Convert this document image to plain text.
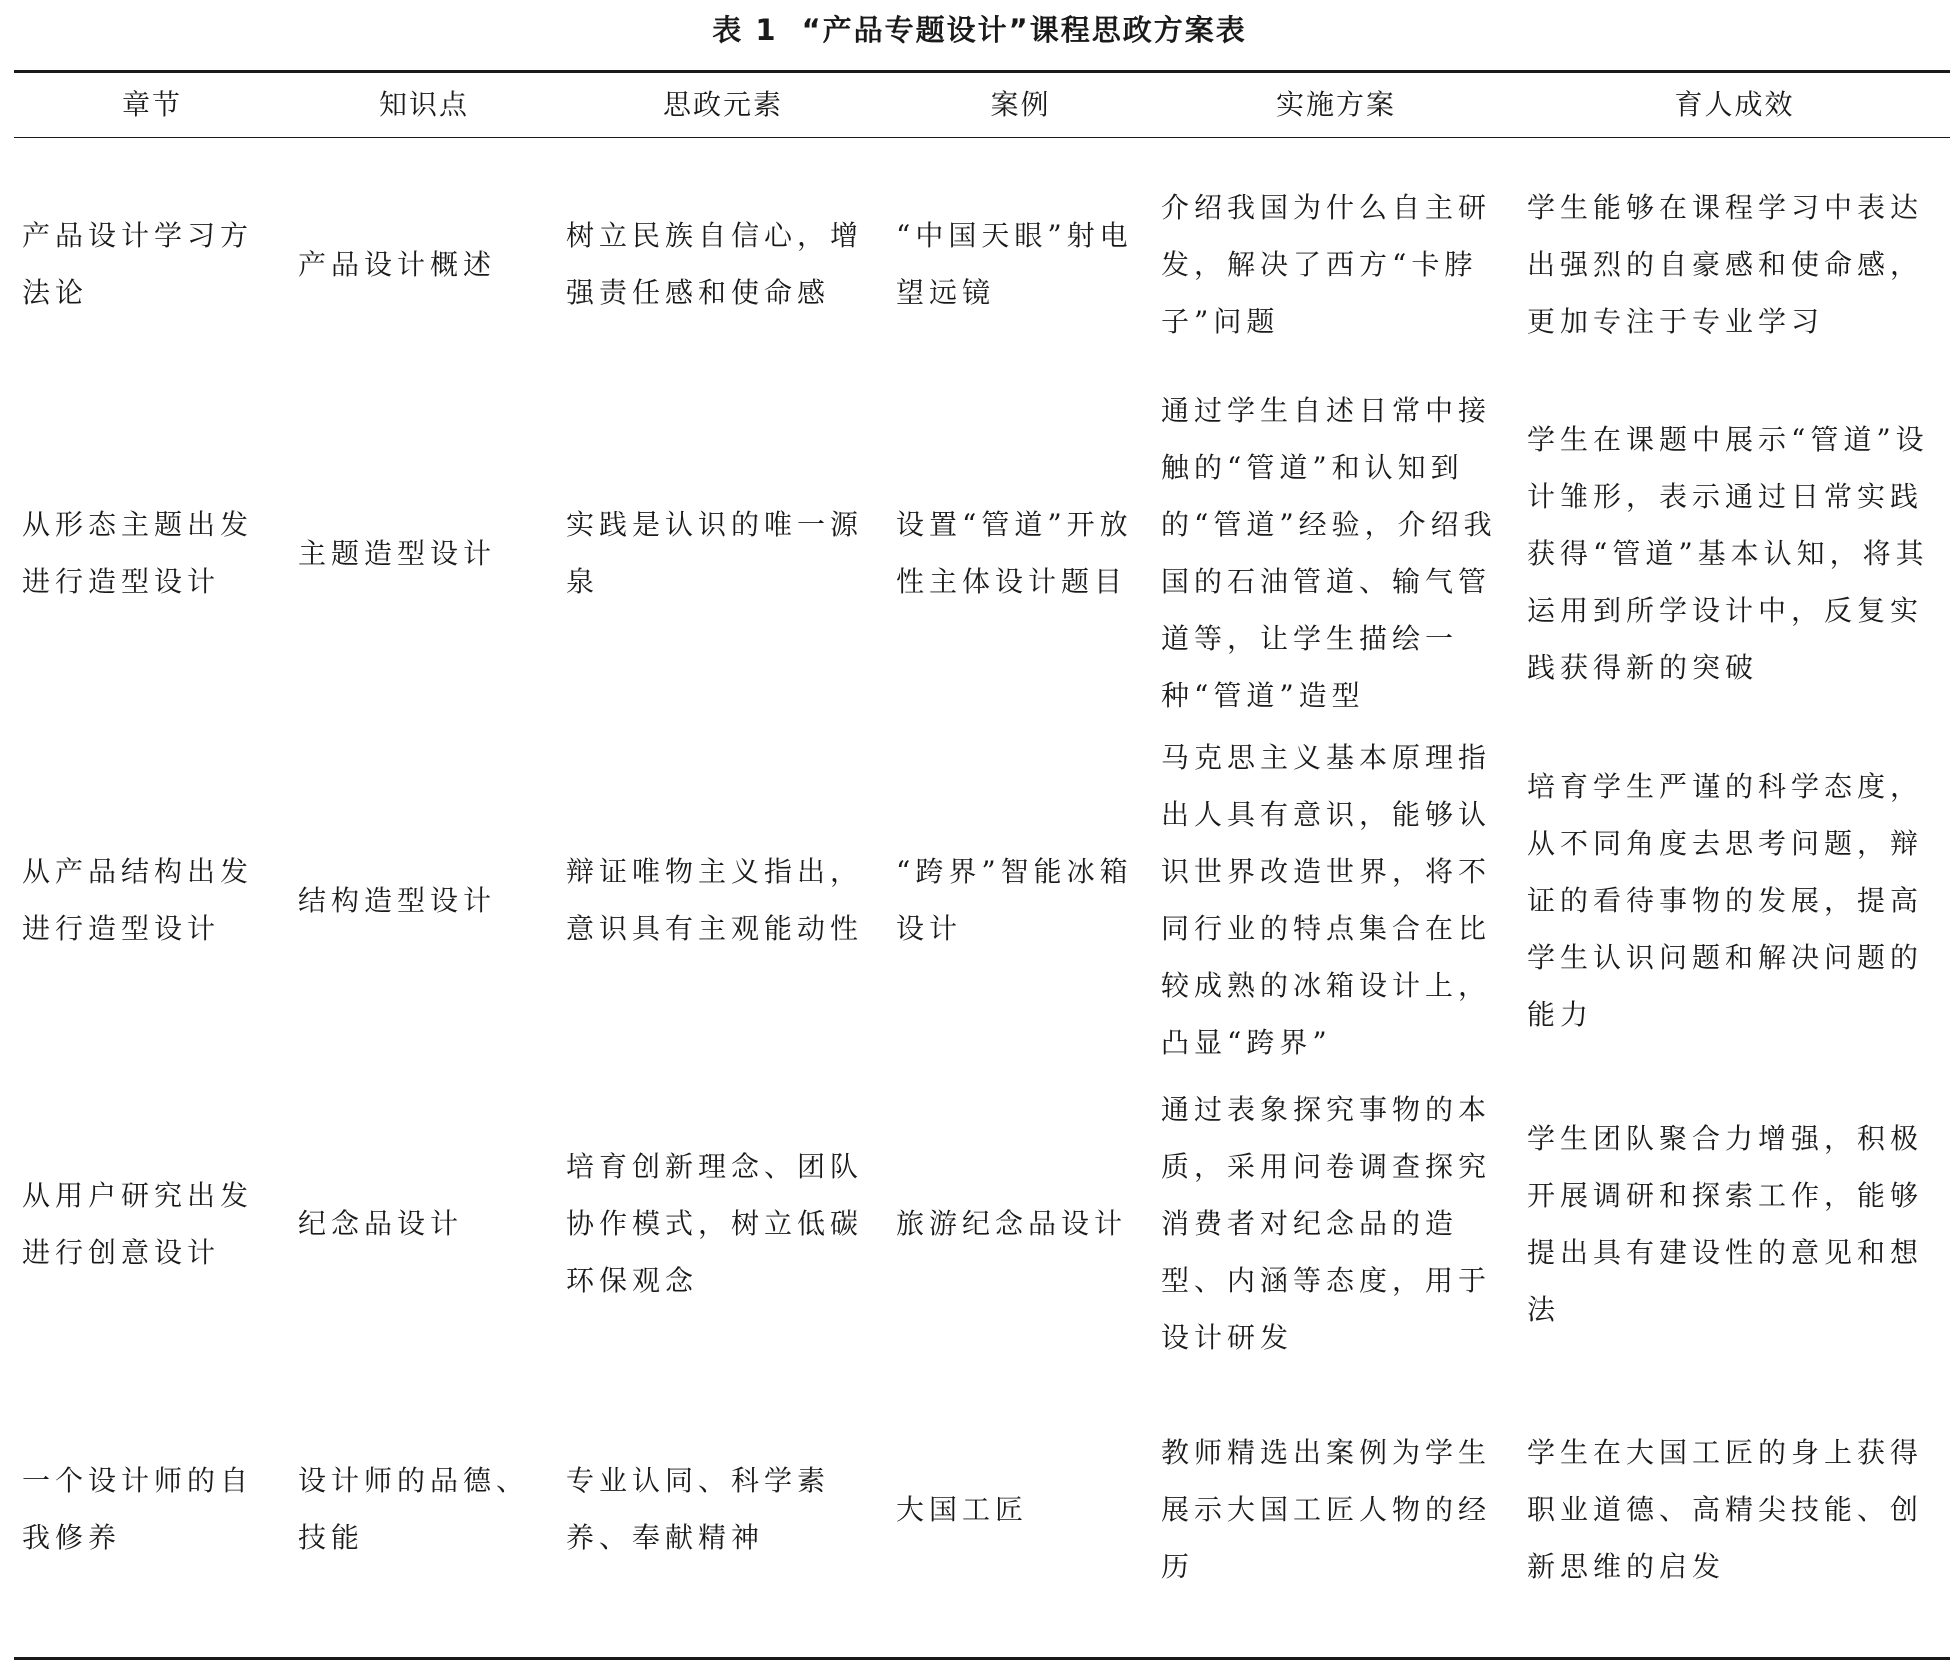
表 1 “产品专题设计”课程思政方案表
章节	知识点	思政元素	案例	实施方案	育人成效
产品设计学习方法论	产品设计概述	树立民族自信心，增强责任感和使命感	“中国天眼”射电望远镜	介绍我国为什么自主研发，解决了西方“卡脖子”问题	学生能够在课程学习中表达出强烈的自豪感和使命感，更加专注于专业学习
从形态主题出发进行造型设计	主题造型设计	实践是认识的唯一源泉	设置“管道”开放性主体设计题目	通过学生自述日常中接触的“管道”和认知到的“管道”经验，介绍我国的石油管道、输气管道等，让学生描绘一种“管道”造型	学生在课题中展示“管道”设计雏形，表示通过日常实践获得“管道”基本认知，将其运用到所学设计中，反复实践获得新的突破
从产品结构出发进行造型设计	结构造型设计	辩证唯物主义指出，意识具有主观能动性	“跨界”智能冰箱设计	马克思主义基本原理指出人具有意识，能够认识世界改造世界，将不同行业的特点集合在比较成熟的冰箱设计上，凸显“跨界”	培育学生严谨的科学态度，从不同角度去思考问题，辩证的看待事物的发展，提高学生认识问题和解决问题的能力
从用户研究出发进行创意设计	纪念品设计	培育创新理念、团队协作模式，树立低碳环保观念	旅游纪念品设计	通过表象探究事物的本质，采用问卷调查探究消费者对纪念品的造型、内涵等态度，用于设计研发	学生团队聚合力增强，积极开展调研和探索工作，能够提出具有建设性的意见和想法
一个设计师的自我修养	设计师的品德、技能	专业认同、科学素养、奉献精神	大国工匠	教师精选出案例为学生展示大国工匠人物的经历	学生在大国工匠的身上获得职业道德、高精尖技能、创新思维的启发
